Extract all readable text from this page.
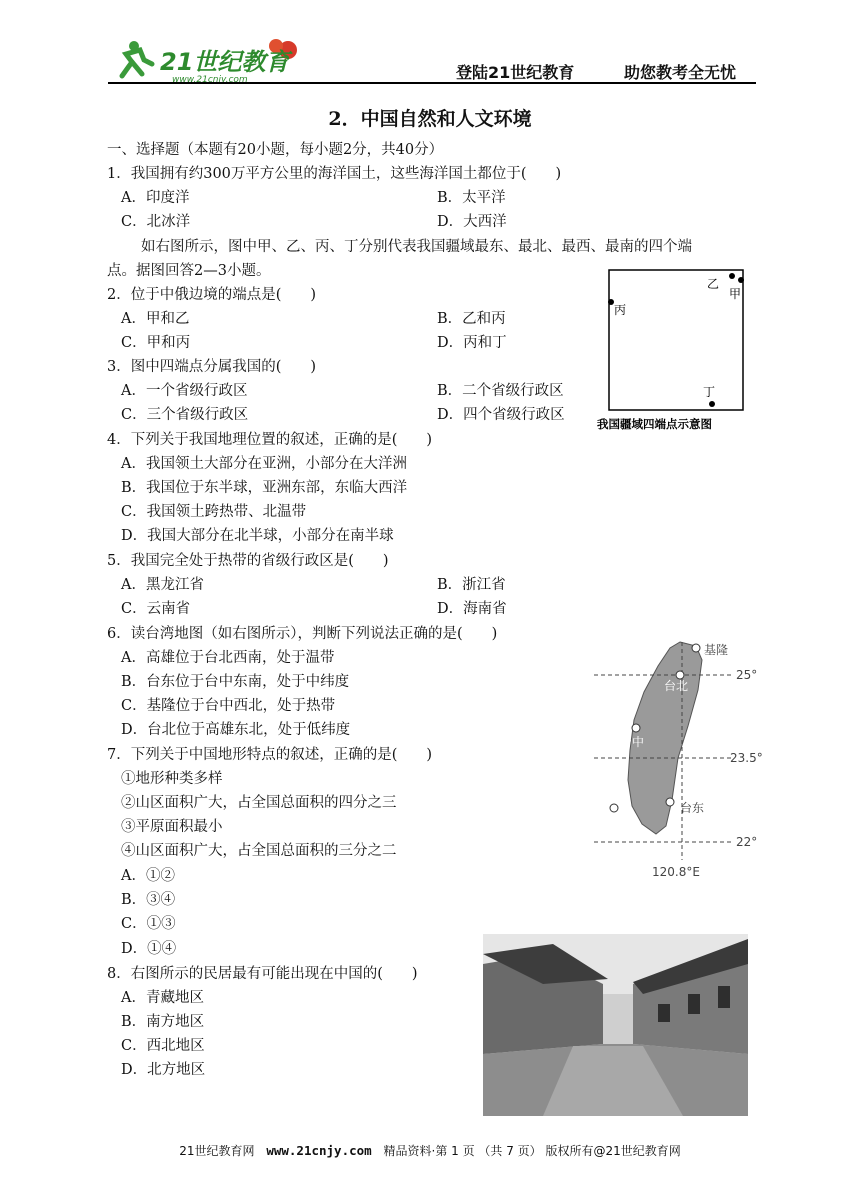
21世纪教育
www.21cnjy.com	登陆21世纪教育	助您教考全无忧
2．中国自然和人文环境
一、选择题（本题有20小题，每小题2分，共40分）
1．我国拥有约300万平方公里的海洋国土，这些海洋国土都位于(　　)
A．印度洋	B．太平洋
C．北冰洋	D．大西洋
如右图所示，图中甲、乙、丙、丁分别代表我国疆域最东、最北、最西、最南的四个端
点。据图回答2—3小题。
2．位于中俄边境的端点是(　　)
A．甲和乙	B．乙和丙
C．甲和丙	D．丙和丁
3．图中四端点分属我国的(　　)
A．一个省级行政区	B．二个省级行政区
C．三个省级行政区	D．四个省级行政区
4．下列关于我国地理位置的叙述，正确的是(　　)
A．我国领土大部分在亚洲，小部分在大洋洲
B．我国位于东半球，亚洲东部，东临大西洋
C．我国领土跨热带、北温带
D．我国大部分在北半球，小部分在南半球
5．我国完全处于热带的省级行政区是(　　)
A．黑龙江省	B．浙江省
C．云南省	D．海南省
6．读台湾地图（如右图所示），判断下列说法正确的是(　　)
A．高雄位于台北西南，处于温带
B．台东位于台中东南，处于中纬度
C．基隆位于台中西北，处于热带
D．台北位于高雄东北，处于低纬度
7．下列关于中国地形特点的叙述，正确的是(　　)
①地形种类多样
②山区面积广大，占全国总面积的四分之三
③平原面积最小
④山区面积广大，占全国总面积的三分之二
A．①②
B．③④
C．①③
D．①④
8．右图所示的民居最有可能出现在中国的(　　)
A．青藏地区
B．南方地区
C．西北地区
D．北方地区
乙
甲
丙
丁
我国疆域四端点示意图
基隆
台北
台中
台东
高雄
25°
23.5°
22°
120.8°E
21世纪教育网 www.21cnjy.com 精品资料·第 1 页 （共 7 页） 版权所有@21世纪教育网
